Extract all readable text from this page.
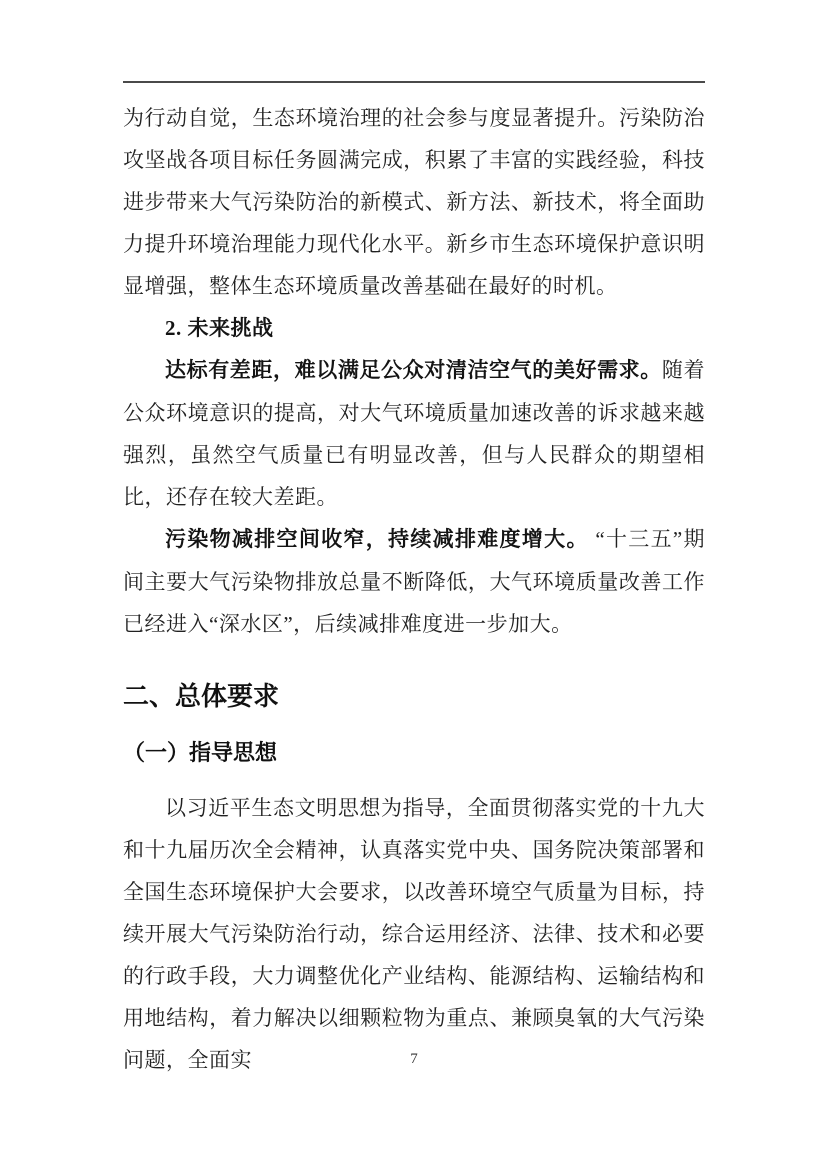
为行动自觉，生态环境治理的社会参与度显著提升。污染防治攻坚战各项目标任务圆满完成，积累了丰富的实践经验，科技进步带来大气污染防治的新模式、新方法、新技术，将全面助力提升环境治理能力现代化水平。新乡市生态环境保护意识明显增强，整体生态环境质量改善基础在最好的时机。

2. 未来挑战

达标有差距，难以满足公众对清洁空气的美好需求。随着公众环境意识的提高，对大气环境质量加速改善的诉求越来越强烈，虽然空气质量已有明显改善，但与人民群众的期望相比，还存在较大差距。

污染物减排空间收窄，持续减排难度增大。 “十三五”期间主要大气污染物排放总量不断降低，大气环境质量改善工作已经进入“深水区”，后续减排难度进一步加大。

二、总体要求
（一）指导思想

以习近平生态文明思想为指导，全面贯彻落实党的十九大和十九届历次全会精神，认真落实党中央、国务院决策部署和全国生态环境保护大会要求，以改善环境空气质量为目标，持续开展大气污染防治行动，综合运用经济、法律、技术和必要的行政手段，大力调整优化产业结构、能源结构、运输结构和用地结构，着力解决以细颗粒物为重点、兼顾臭氧的大气污染问题，全面实	7
